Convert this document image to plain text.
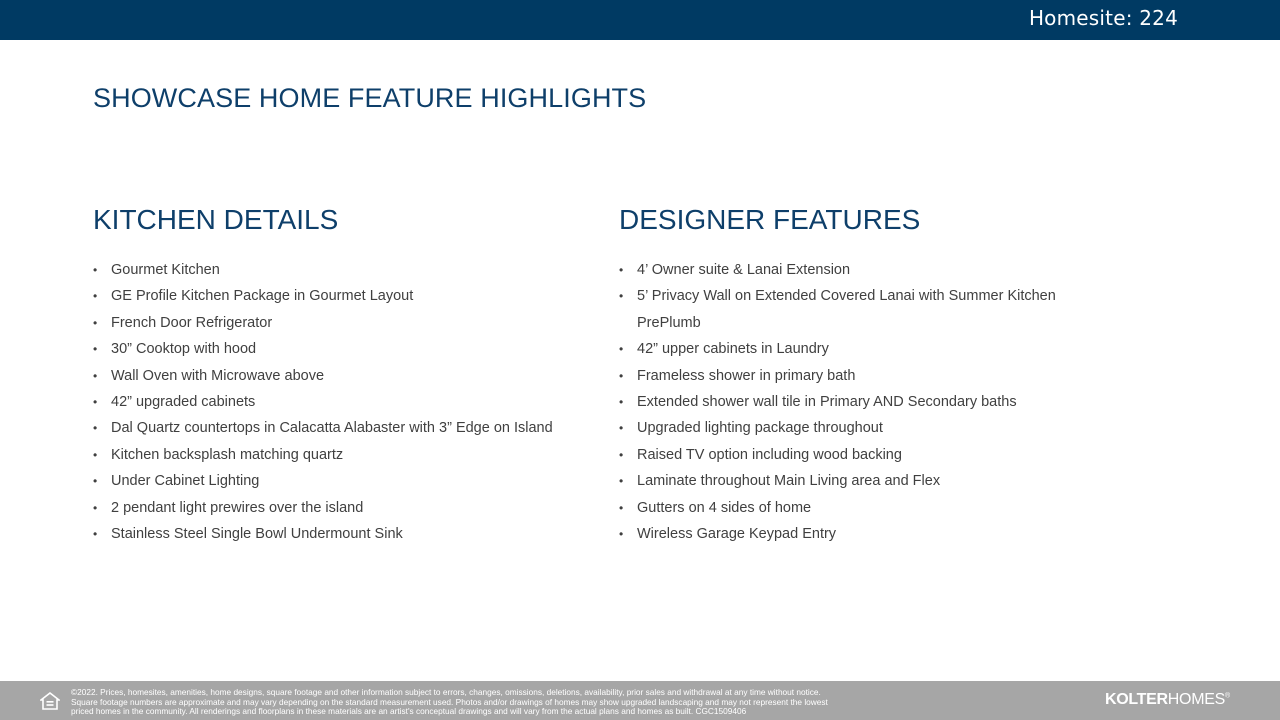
Homesite: 224
SHOWCASE HOME FEATURE HIGHLIGHTS
KITCHEN DETAILS
• Gourmet Kitchen
• GE Profile Kitchen Package in Gourmet Layout
• French Door Refrigerator
• 30” Cooktop with hood
• Wall Oven with Microwave above
• 42” upgraded cabinets
• Dal Quartz countertops in Calacatta Alabaster with 3” Edge on Island
• Kitchen backsplash matching quartz
• Under Cabinet Lighting
• 2 pendant light prewires over the island
• Stainless Steel Single Bowl Undermount Sink
DESIGNER FEATURES
• 4’ Owner suite & Lanai Extension
• 5’ Privacy Wall on Extended Covered Lanai with Summer Kitchen
PrePlumb
• 42” upper cabinets in Laundry
• Frameless shower in primary bath
• Extended shower wall tile in Primary AND Secondary baths
• Upgraded lighting package throughout
• Raised TV option including wood backing
• Laminate throughout Main Living area and Flex
• Gutters on 4 sides of home
• Wireless Garage Keypad Entry
©2022. Prices, homesites, amenities, home designs, square footage and other information subject to errors, changes, omissions, deletions, availability, prior sales and withdrawal at any time without notice.
Square footage numbers are approximate and may vary depending on the standard measurement used. Photos and/or drawings of homes may show upgraded landscaping and may not represent the lowest
priced homes in the community. All renderings and floorplans in these materials are an artist's conceptual drawings and will vary from the actual plans and homes as built. CGC1509406
KOLTERHOMES®
